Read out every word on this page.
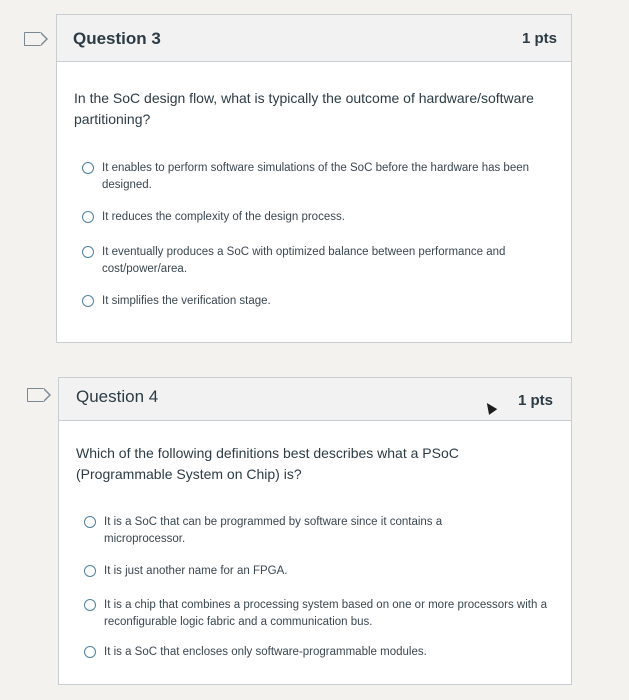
Question 3	1 pts
In the SoC design flow, what is typically the outcome of hardware/software partitioning?
It enables to perform software simulations of the SoC before the hardware has been designed.
It reduces the complexity of the design process.
It eventually produces a SoC with optimized balance between performance and cost/power/area.
It simplifies the verification stage.
Question 4	1 pts
Which of the following definitions best describes what a PSoC (Programmable System on Chip) is?
It is a SoC that can be programmed by software since it contains a microprocessor.
It is just another name for an FPGA.
It is a chip that combines a processing system based on one or more processors with a reconfigurable logic fabric and a communication bus.
It is a SoC that encloses only software-programmable modules.
